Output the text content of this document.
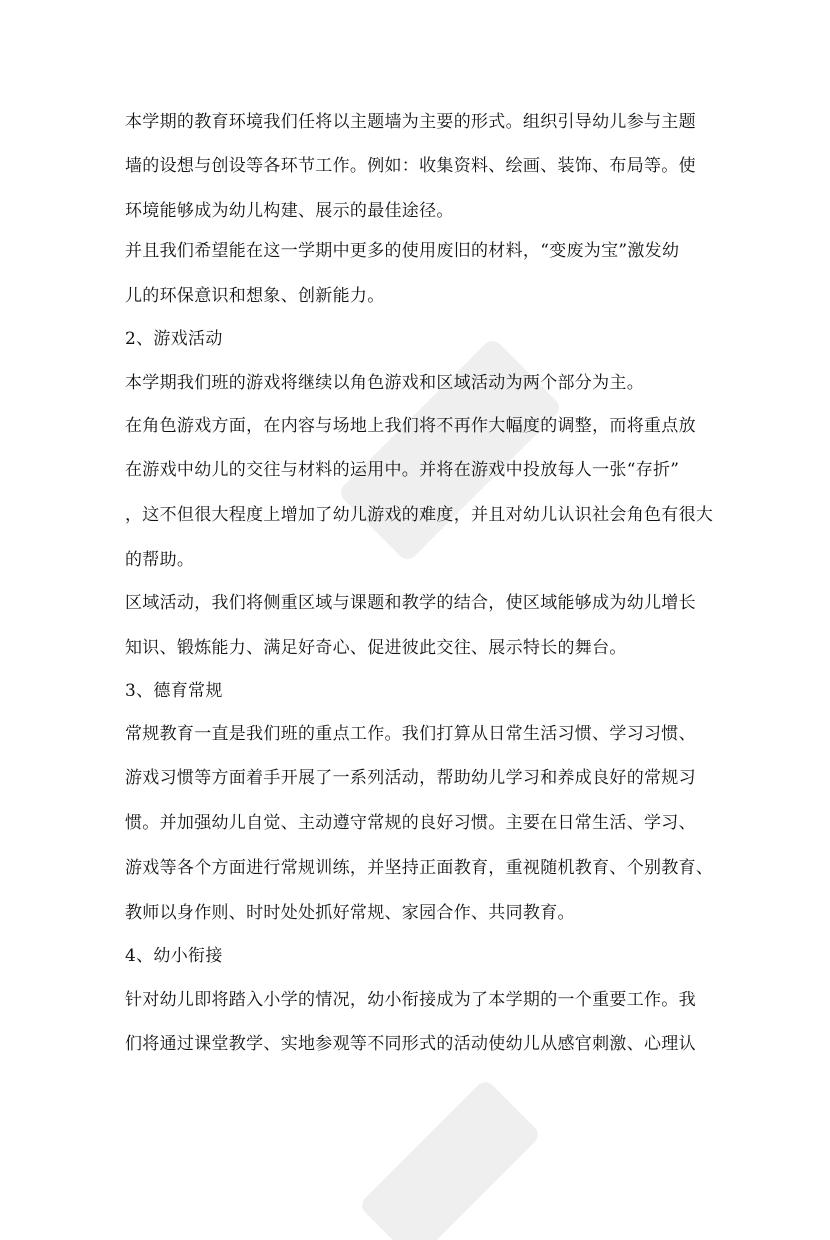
本学期的教育环境我们任将以主题墙为主要的形式。组织引导幼儿参与主题
墙的设想与创设等各环节工作。例如：收集资料、绘画、装饰、布局等。使
环境能够成为幼儿构建、展示的最佳途径。
并且我们希望能在这一学期中更多的使用废旧的材料，“变废为宝”激发幼
儿的环保意识和想象、创新能力。
2、游戏活动
本学期我们班的游戏将继续以角色游戏和区域活动为两个部分为主。
在角色游戏方面，在内容与场地上我们将不再作大幅度的调整，而将重点放
在游戏中幼儿的交往与材料的运用中。并将在游戏中投放每人一张“存折”
，这不但很大程度上增加了幼儿游戏的难度，并且对幼儿认识社会角色有很大
的帮助。
区域活动，我们将侧重区域与课题和教学的结合，使区域能够成为幼儿增长
知识、锻炼能力、满足好奇心、促进彼此交往、展示特长的舞台。
3、德育常规
常规教育一直是我们班的重点工作。我们打算从日常生活习惯、学习习惯、
游戏习惯等方面着手开展了一系列活动，帮助幼儿学习和养成良好的常规习
惯。并加强幼儿自觉、主动遵守常规的良好习惯。主要在日常生活、学习、
游戏等各个方面进行常规训练，并坚持正面教育，重视随机教育、个别教育、
教师以身作则、时时处处抓好常规、家园合作、共同教育。
4、幼小衔接
针对幼儿即将踏入小学的情况，幼小衔接成为了本学期的一个重要工作。我
们将通过课堂教学、实地参观等不同形式的活动使幼儿从感官刺激、心理认
